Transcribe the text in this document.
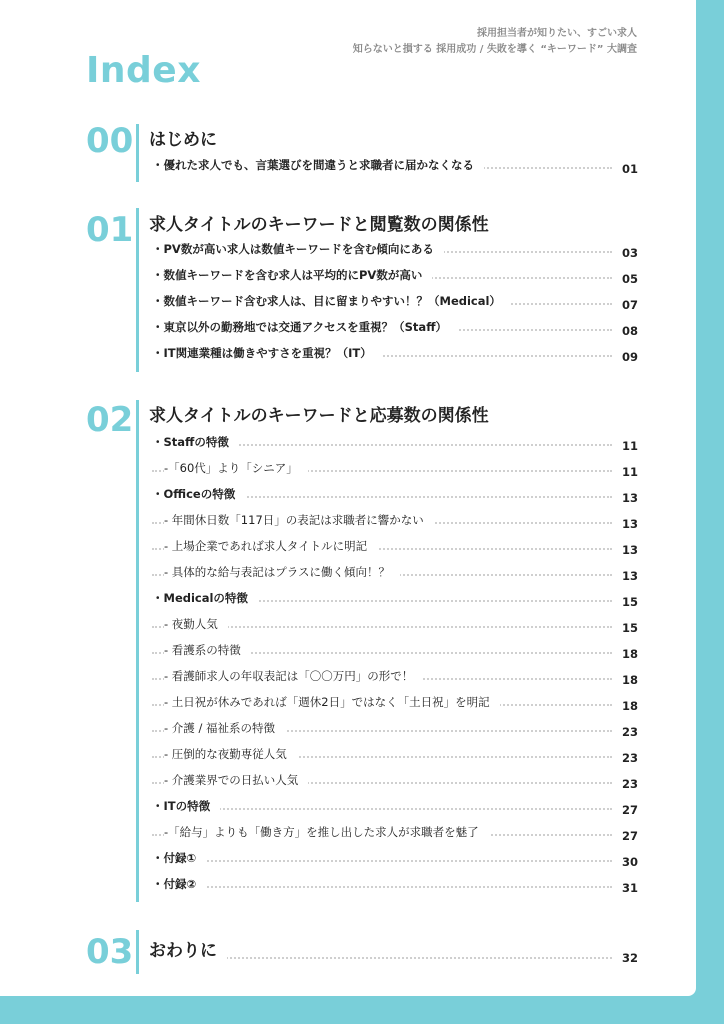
採用担当者が知りたい、すごい求人
知らないと損する 採用成功 / 失敗を導く “キーワード” 大調査
Index
00 はじめに
・優れた求人でも、言葉選びを間違うと求職者に届かなくなる	01
01 求人タイトルのキーワードと閲覧数の関係性
・PV数が高い求人は数値キーワードを含む傾向にある	03
・数値キーワードを含む求人は平均的にPV数が高い	05
・数値キーワード含む求人は、目に留まりやすい！？（Medical）	07
・東京以外の勤務地では交通アクセスを重視？（Staff）	08
・IT関連業種は働きやすさを重視？（IT）	09
02 求人タイトルのキーワードと応募数の関係性
・Staffの特徴	11
-「60代」より「シニア」	11
・Officeの特徴	13
- 年間休日数「117日」の表記は求職者に響かない	13
- 上場企業であれば求人タイトルに明記	13
- 具体的な給与表記はプラスに働く傾向！？	13
・Medicalの特徴	15
- 夜勤人気	15
- 看護系の特徴	18
- 看護師求人の年収表記は「〇〇万円」の形で！	18
- 土日祝が休みであれば「週休2日」ではなく「土日祝」を明記	18
- 介護 / 福祉系の特徴	23
- 圧倒的な夜勤専従人気	23
- 介護業界での日払い人気	23
・ITの特徴	27
-「給与」よりも「働き方」を推し出した求人が求職者を魅了	27
・付録①	30
・付録②	31
03 おわりに	32
